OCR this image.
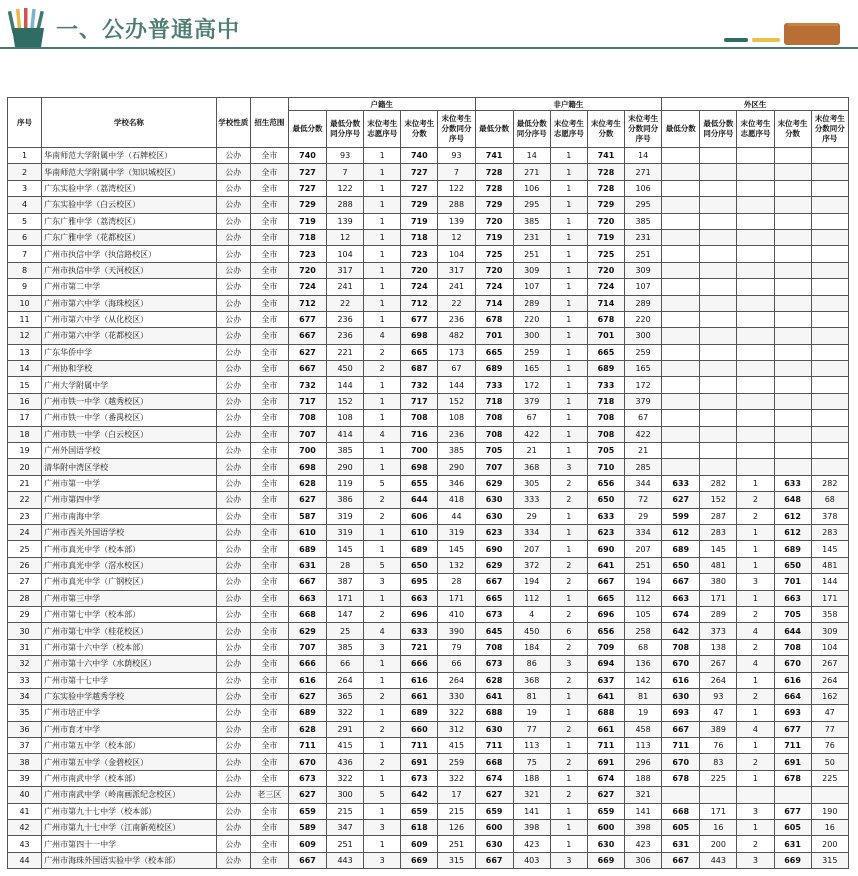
一、公办普通高中
序号	学校名称	学校性质	招生范围	户籍生					非户籍生					外区生				
				最低分数	最低分数同分序号	末位考生志愿序号	末位考生分数	末位考生分数同分序号	最低分数	最低分数同分序号	末位考生志愿序号	末位考生分数	末位考生分数同分序号	最低分数	最低分数同分序号	末位考生志愿序号	末位考生分数	末位考生分数同分序号
1	华南师范大学附属中学（石牌校区）	公办	全市	740	93	1	740	93	741	14	1	741	14					
2	华南师范大学附属中学（知识城校区）	公办	全市	727	7	1	727	7	728	271	1	728	271					
3	广东实验中学（荔湾校区）	公办	全市	727	122	1	727	122	728	106	1	728	106					
4	广东实验中学（白云校区）	公办	全市	729	288	1	729	288	729	295	1	729	295					
5	广东广雅中学（荔湾校区）	公办	全市	719	139	1	719	139	720	385	1	720	385					
6	广东广雅中学（花都校区）	公办	全市	718	12	1	718	12	719	231	1	719	231					
7	广州市执信中学（执信路校区）	公办	全市	723	104	1	723	104	725	251	1	725	251					
8	广州市执信中学（天河校区）	公办	全市	720	317	1	720	317	720	309	1	720	309					
9	广州市第二中学	公办	全市	724	241	1	724	241	724	107	1	724	107					
10	广州市第六中学（海珠校区）	公办	全市	712	22	1	712	22	714	289	1	714	289					
11	广州市第六中学（从化校区）	公办	全市	677	236	1	677	236	678	220	1	678	220					
12	广州市第六中学（花都校区）	公办	全市	667	236	4	698	482	701	300	1	701	300					
13	广东华侨中学	公办	全市	627	221	2	665	173	665	259	1	665	259					
14	广州协和学校	公办	全市	667	450	2	687	67	689	165	1	689	165					
15	广州大学附属中学	公办	全市	732	144	1	732	144	733	172	1	733	172					
16	广州市铁一中学（越秀校区）	公办	全市	717	152	1	717	152	718	379	1	718	379					
17	广州市铁一中学（番禺校区）	公办	全市	708	108	1	708	108	708	67	1	708	67					
18	广州市铁一中学（白云校区）	公办	全市	707	414	4	716	236	708	422	1	708	422					
19	广州外国语学校	公办	全市	700	385	1	700	385	705	21	1	705	21					
20	清华附中湾区学校	公办	全市	698	290	1	698	290	707	368	3	710	285					
21	广州市第一中学	公办	全市	628	119	5	655	346	629	305	2	656	344	633	282	1	633	282
22	广州市第四中学	公办	全市	627	386	2	644	418	630	333	2	650	72	627	152	2	648	68
23	广州市南海中学	公办	全市	587	319	2	606	44	630	29	1	633	29	599	287	2	612	378
24	广州市西关外国语学校	公办	全市	610	319	1	610	319	623	334	1	623	334	612	283	1	612	283
25	广州市真光中学（校本部）	公办	全市	689	145	1	689	145	690	207	1	690	207	689	145	1	689	145
26	广州市真光中学（滘水校区）	公办	全市	631	28	5	650	132	629	372	2	641	251	650	481	1	650	481
27	广州市真光中学（广钢校区）	公办	全市	667	387	3	695	28	667	194	2	667	194	667	380	3	701	144
28	广州市第三中学	公办	全市	663	171	1	663	171	665	112	1	665	112	663	171	1	663	171
29	广州市第七中学（校本部）	公办	全市	668	147	2	696	410	673	4	2	696	105	674	289	2	705	358
30	广州市第七中学（桂花校区）	公办	全市	629	25	4	633	390	645	450	6	656	258	642	373	4	644	309
31	广州市第十六中学（校本部）	公办	全市	707	385	3	721	79	708	184	2	709	68	708	138	2	708	104
32	广州市第十六中学（水荫校区）	公办	全市	666	66	1	666	66	673	86	3	694	136	670	267	4	670	267
33	广州市第十七中学	公办	全市	616	264	1	616	264	628	368	2	637	142	616	264	1	616	264
34	广东实验中学越秀学校	公办	全市	627	365	2	661	330	641	81	1	641	81	630	93	2	664	162
35	广州市培正中学	公办	全市	689	322	1	689	322	688	19	1	688	19	693	47	1	693	47
36	广州市育才中学	公办	全市	628	291	2	660	312	630	77	2	661	458	667	389	4	677	77
37	广州市第五中学（校本部）	公办	全市	711	415	1	711	415	711	113	1	711	113	711	76	1	711	76
38	广州市第五中学（金碧校区）	公办	全市	670	436	2	691	259	668	75	2	691	296	670	83	2	691	50
39	广州市南武中学（校本部）	公办	全市	673	322	1	673	322	674	188	1	674	188	678	225	1	678	225
40	广州市南武中学（岭南画派纪念校区）	公办	老三区	627	300	5	642	17	627	321	2	627	321					
41	广州市第九十七中学（校本部）	公办	全市	659	215	1	659	215	659	141	1	659	141	668	171	3	677	190
42	广州市第九十七中学（江南新苑校区）	公办	全市	589	347	3	618	126	600	398	1	600	398	605	16	1	605	16
43	广州市第四十一中学	公办	全市	609	251	1	609	251	630	423	1	630	423	631	200	2	631	200
44	广州市海珠外国语实验中学（校本部）	公办	全市	667	443	3	669	315	667	403	3	669	306	667	443	3	669	315
